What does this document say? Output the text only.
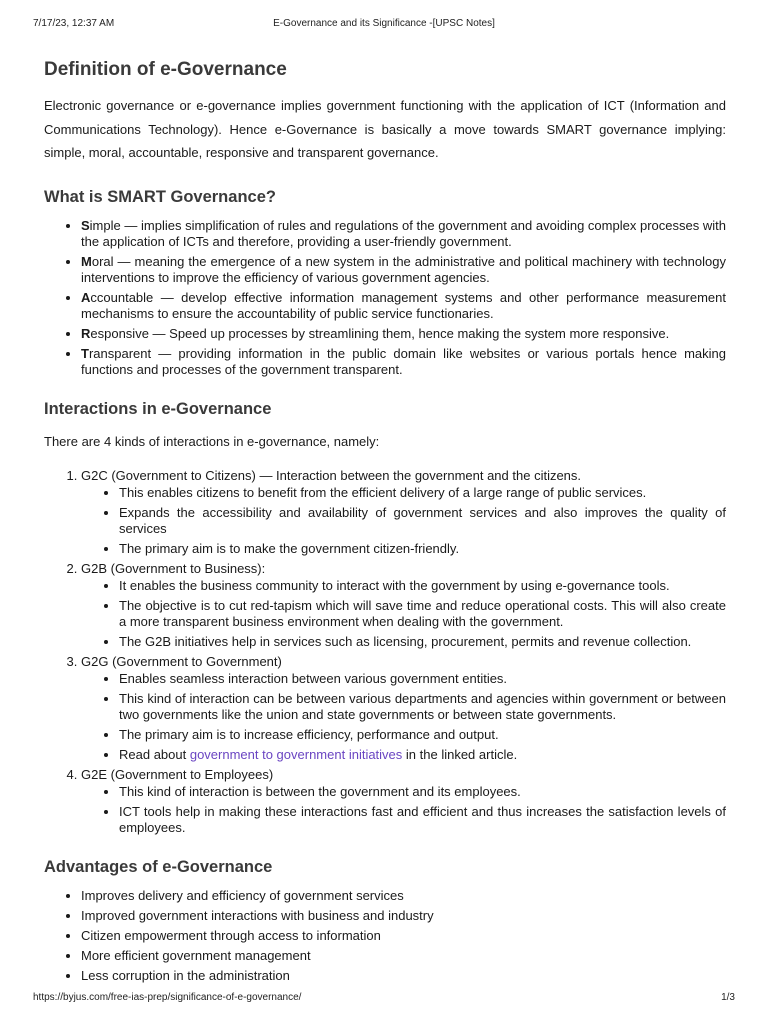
7/17/23, 12:37 AM	E-Governance and its Significance -[UPSC Notes]
Definition of e-Governance

Electronic governance or e-governance implies government functioning with the application of ICT (Information and Communications Technology). Hence e-Governance is basically a move towards SMART governance implying: simple, moral, accountable, responsive and transparent governance.

What is SMART Governance?
• Simple — implies simplification of rules and regulations of the government and avoiding complex processes with the application of ICTs and therefore, providing a user-friendly government.
• Moral — meaning the emergence of a new system in the administrative and political machinery with technology interventions to improve the efficiency of various government agencies.
• Accountable — develop effective information management systems and other performance measurement mechanisms to ensure the accountability of public service functionaries.
• Responsive — Speed up processes by streamlining them, hence making the system more responsive.
• Transparent — providing information in the public domain like websites or various portals hence making functions and processes of the government transparent.
Interactions in e-Governance

There are 4 kinds of interactions in e-governance, namely:

1. G2C (Government to Citizens) — Interaction between the government and the citizens.
• This enables citizens to benefit from the efficient delivery of a large range of public services.
• Expands the accessibility and availability of government services and also improves the quality of services
• The primary aim is to make the government citizen-friendly.
2. G2B (Government to Business):
• It enables the business community to interact with the government by using e-governance tools.
• The objective is to cut red-tapism which will save time and reduce operational costs. This will also create a more transparent business environment when dealing with the government.
• The G2B initiatives help in services such as licensing, procurement, permits and revenue collection.
3. G2G (Government to Government)
• Enables seamless interaction between various government entities.
• This kind of interaction can be between various departments and agencies within government or between two governments like the union and state governments or between state governments.
• The primary aim is to increase efficiency, performance and output.
• Read about government to government initiatives in the linked article.
4. G2E (Government to Employees)
• This kind of interaction is between the government and its employees.
• ICT tools help in making these interactions fast and efficient and thus increases the satisfaction levels of employees.
Advantages of e-Governance
• Improves delivery and efficiency of government services
• Improved government interactions with business and industry
• Citizen empowerment through access to information
• More efficient government management
• Less corruption in the administration
https://byjus.com/free-ias-prep/significance-of-e-governance/	1/3
